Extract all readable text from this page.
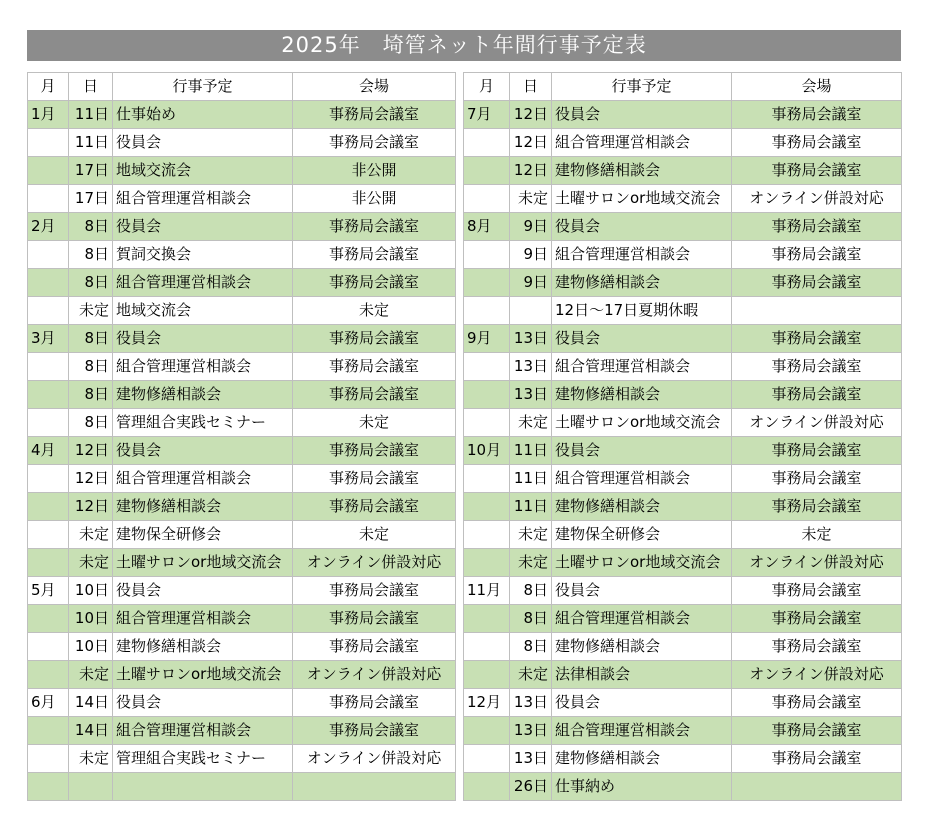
2025年　埼管ネット年間行事予定表

月	日	行事予定	会場
1月	11日	仕事始め	事務局会議室
	11日	役員会	事務局会議室
	17日	地域交流会	非公開
	17日	組合管理運営相談会	非公開
2月	8日	役員会	事務局会議室
	8日	賀詞交換会	事務局会議室
	8日	組合管理運営相談会	事務局会議室
	未定	地域交流会	未定
3月	8日	役員会	事務局会議室
	8日	組合管理運営相談会	事務局会議室
	8日	建物修繕相談会	事務局会議室
	8日	管理組合実践セミナー	未定
4月	12日	役員会	事務局会議室
	12日	組合管理運営相談会	事務局会議室
	12日	建物修繕相談会	事務局会議室
	未定	建物保全研修会	未定
	未定	土曜サロンor地域交流会	オンライン併設対応
5月	10日	役員会	事務局会議室
	10日	組合管理運営相談会	事務局会議室
	10日	建物修繕相談会	事務局会議室
	未定	土曜サロンor地域交流会	オンライン併設対応
6月	14日	役員会	事務局会議室
	14日	組合管理運営相談会	事務局会議室
	未定	管理組合実践セミナー	オンライン併設対応

月	日	行事予定	会場
7月	12日	役員会	事務局会議室
	12日	組合管理運営相談会	事務局会議室
	12日	建物修繕相談会	事務局会議室
	未定	土曜サロンor地域交流会	オンライン併設対応
8月	9日	役員会	事務局会議室
	9日	組合管理運営相談会	事務局会議室
	9日	建物修繕相談会	事務局会議室
		12日～17日夏期休暇	
9月	13日	役員会	事務局会議室
	13日	組合管理運営相談会	事務局会議室
	13日	建物修繕相談会	事務局会議室
	未定	土曜サロンor地域交流会	オンライン併設対応
10月	11日	役員会	事務局会議室
	11日	組合管理運営相談会	事務局会議室
	11日	建物修繕相談会	事務局会議室
	未定	建物保全研修会	未定
	未定	土曜サロンor地域交流会	オンライン併設対応
11月	8日	役員会	事務局会議室
	8日	組合管理運営相談会	事務局会議室
	8日	建物修繕相談会	事務局会議室
	未定	法律相談会	オンライン併設対応
12月	13日	役員会	事務局会議室
	13日	組合管理運営相談会	事務局会議室
	13日	建物修繕相談会	事務局会議室
	26日	仕事納め	
